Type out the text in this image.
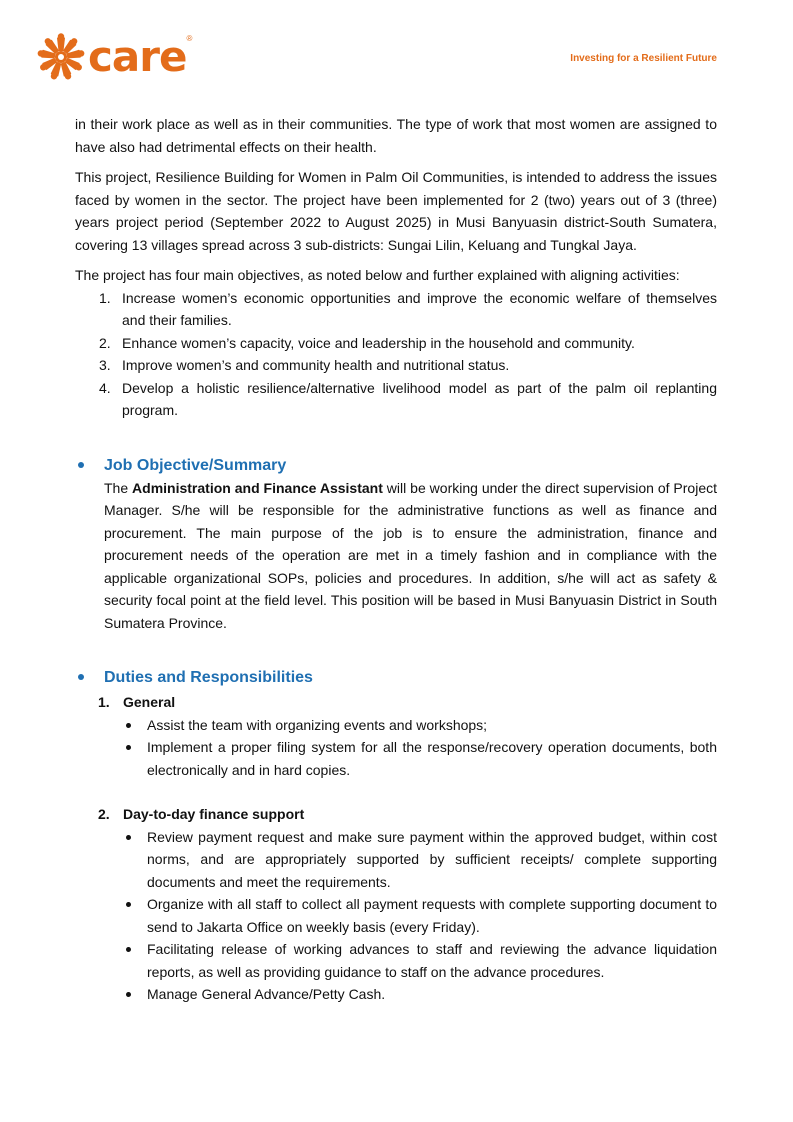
care ®
Investing for a Resilient Future

in their work place as well as in their communities. The type of work that most women are assigned to have also had detrimental effects on their health.

This project, Resilience Building for Women in Palm Oil Communities, is intended to address the issues faced by women in the sector. The project have been implemented for 2 (two) years out of 3 (three) years project period (September 2022 to August 2025) in Musi Banyuasin district-South Sumatera, covering 13 villages spread across 3 sub-districts: Sungai Lilin, Keluang and Tungkal Jaya.

The project has four main objectives, as noted below and further explained with aligning activities:

1. Increase women’s economic opportunities and improve the economic welfare of themselves and their families.
2. Enhance women’s capacity, voice and leadership in the household and community.
3. Improve women’s and community health and nutritional status.
4. Develop a holistic resilience/alternative livelihood model as part of the palm oil replanting program.
Job Objective/Summary
The Administration and Finance Assistant will be working under the direct supervision of Project Manager. S/he will be responsible for the administrative functions as well as finance and procurement. The main purpose of the job is to ensure the administration, finance and procurement needs of the operation are met in a timely fashion and in compliance with the applicable organizational SOPs, policies and procedures. In addition, s/he will act as safety & security focal point at the field level. This position will be based in Musi Banyuasin District in South Sumatera Province.
Duties and Responsibilities
1. General
Assist the team with organizing events and workshops;
Implement a proper filing system for all the response/recovery operation documents, both electronically and in hard copies.
2. Day-to-day finance support
Review payment request and make sure payment within the approved budget, within cost norms, and are appropriately supported by sufficient receipts/ complete supporting documents and meet the requirements.
Organize with all staff to collect all payment requests with complete supporting document to send to Jakarta Office on weekly basis (every Friday).
Facilitating release of working advances to staff and reviewing the advance liquidation reports, as well as providing guidance to staff on the advance procedures.
Manage General Advance/Petty Cash.
